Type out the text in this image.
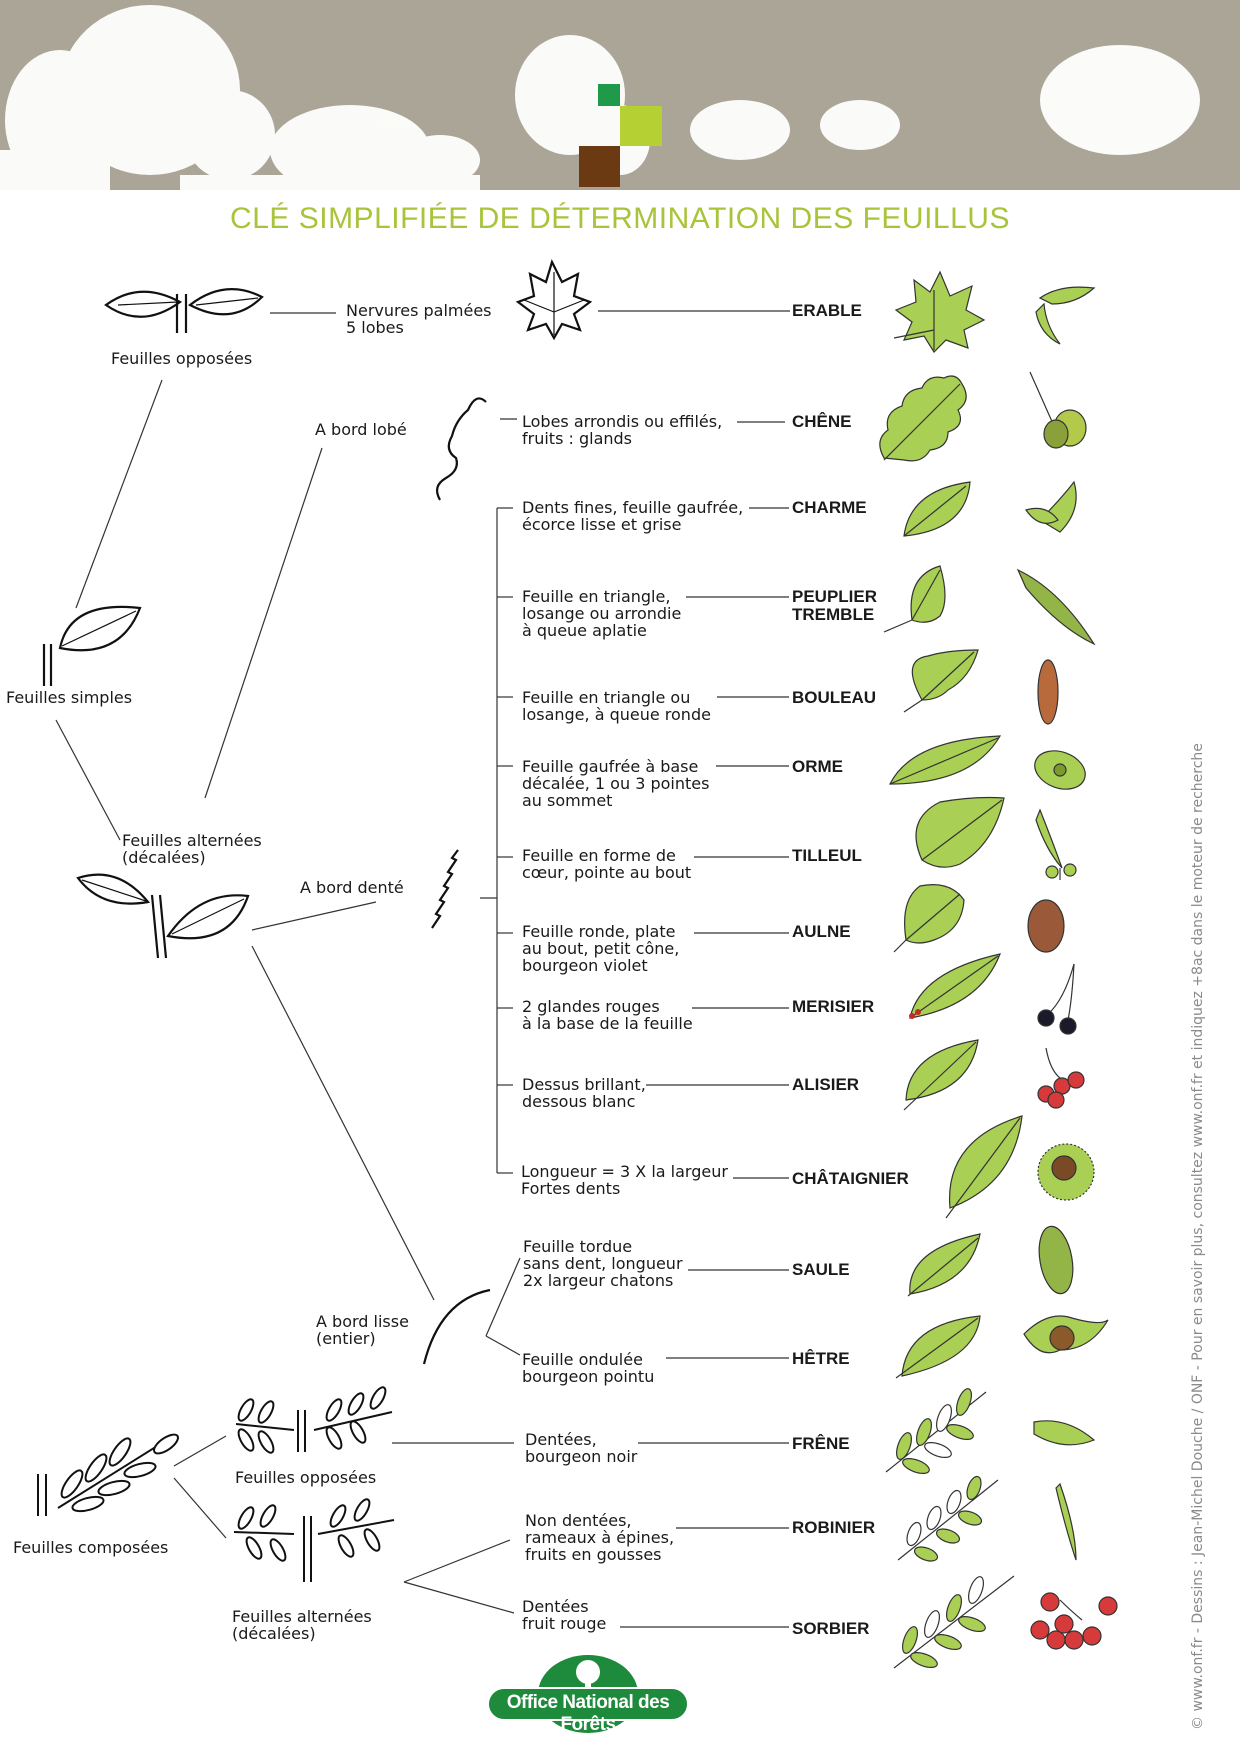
CLÉ SIMPLIFIÉE DE DÉTERMINATION DES FEUILLUS
Feuilles opposées
Feuilles simples
Feuilles alternées
(décalées)
A bord lobé
A bord denté
A bord lisse
(entier)
Feuilles composées
Feuilles opposées
Feuilles alternées
(décalées)
Nervures palmées
5 lobes
Lobes arrondis ou effilés,
fruits : glands
Dents fines, feuille gaufrée,
écorce lisse et grise
Feuille en triangle,
losange ou arrondie
à queue aplatie
Feuille en triangle ou
losange, à queue ronde
Feuille gaufrée à base
décalée, 1 ou 3 pointes
au sommet
Feuille en forme de
cœur, pointe au bout
Feuille ronde, plate
au bout, petit cône,
bourgeon violet
2 glandes rouges
à la base de la feuille
Dessus brillant,
dessous blanc
Longueur = 3 X la largeur
Fortes dents
Feuille tordue
sans dent, longueur
2x largeur chatons
Feuille ondulée
bourgeon pointu
Dentées,
bourgeon noir
Non dentées,
rameaux à épines,
fruits en gousses
Dentées
fruit rouge
ERABLE
CHÊNE
CHARME
PEUPLIER
TREMBLE
BOULEAU
ORME
TILLEUL
AULNE
MERISIER
ALISIER
CHÂTAIGNIER
SAULE
HÊTRE
FRÊNE
ROBINIER
SORBIER	© www.onf.fr - Dessins : Jean-Michel Douche / ONF - Pour en savoir plus, consultez www.onf.fr et indiquez +8ac dans le moteur de recherche
Office National des Forêts
